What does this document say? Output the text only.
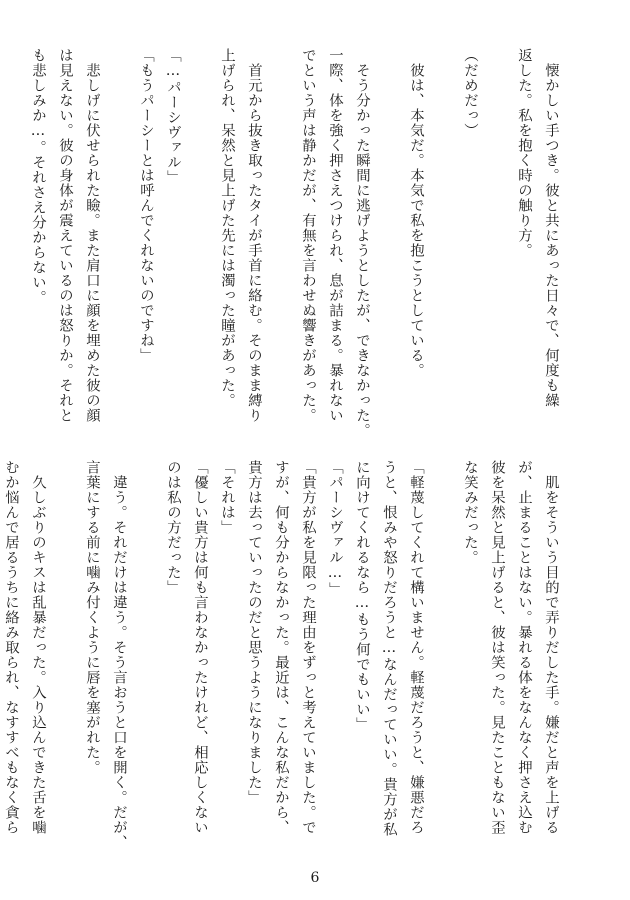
　懐かしい手つき。彼と共にあった日々で、何度も繰
返した。私を抱く時の触り方。

（だめだっ）

　彼は、本気だ。本気で私を抱こうとしている。

　そう分かった瞬間に逃げようとしたが、できなかった。
一際、体を強く押さえつけられ、息が詰まる。暴れない
でという声は静かだが、有無を言わせぬ響きがあった。

　首元から抜き取ったタイが手首に絡む。そのまま縛り
上げられ、呆然と見上げた先には濁った瞳があった。

「…パーシヴァル」
「もうパーシーとは呼んでくれないのですね」

　悲しげに伏せられた瞼。また肩口に顔を埋めた彼の顔
は見えない。彼の身体が震えているのは怒りか。それと
も悲しみか…。それさえ分からない。

　肌をそういう目的で弄りだした手。嫌だと声を上げる
が、止まることはない。暴れる体をなんなく押さえ込む
彼を呆然と見上げると、彼は笑った。見たこともない歪
な笑みだった。

「軽蔑してくれて構いません。軽蔑だろうと、嫌悪だろ
うと、恨みや怒りだろうと…なんだっていい。貴方が私
に向けてくれるなら…もう何でもいい」
「パーシヴァル…」
「貴方が私を見限った理由をずっと考えていました。で
すが、何も分からなかった。最近は、こんな私だから、
貴方は去っていったのだと思うようになりました」
「それは」
「優しい貴方は何も言わなかったけれど、相応しくない
のは私の方だった」

　違う。それだけは違う。そう言おうと口を開く。だが、
言葉にする前に噛み付くように唇を塞がれた。

　久しぶりのキスは乱暴だった。入り込んできた舌を噛
むか悩んで居るうちに絡み取られ、なすすべもなく貪ら
6
